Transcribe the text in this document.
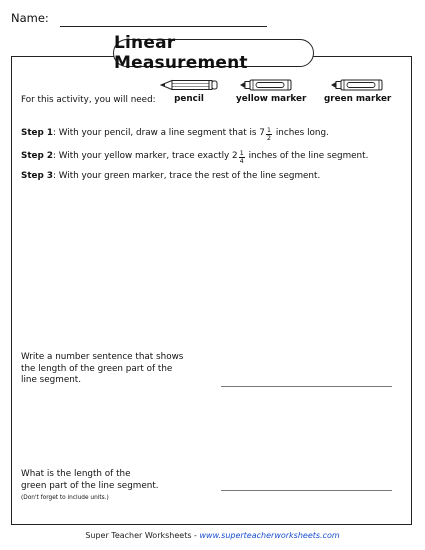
Name:
Linear Measurement
For this activity, you will need:	pencil	yellow marker green marker
Step 1: With your pencil, draw a line segment that is $7 \frac{1}{2}$ inches long.
Step 2: With your yellow marker, trace exactly $2 \frac{1}{4}$ inches of the line segment.
Step 3: With your green marker, trace the rest of the line segment.
Write a number sentence that shows
the length of the green part of the
line segment.
What is the length of the
green part of the line segment.
(Don't forget to include units.)
Super Teacher Worksheets - www.superteacherworksheets.com
